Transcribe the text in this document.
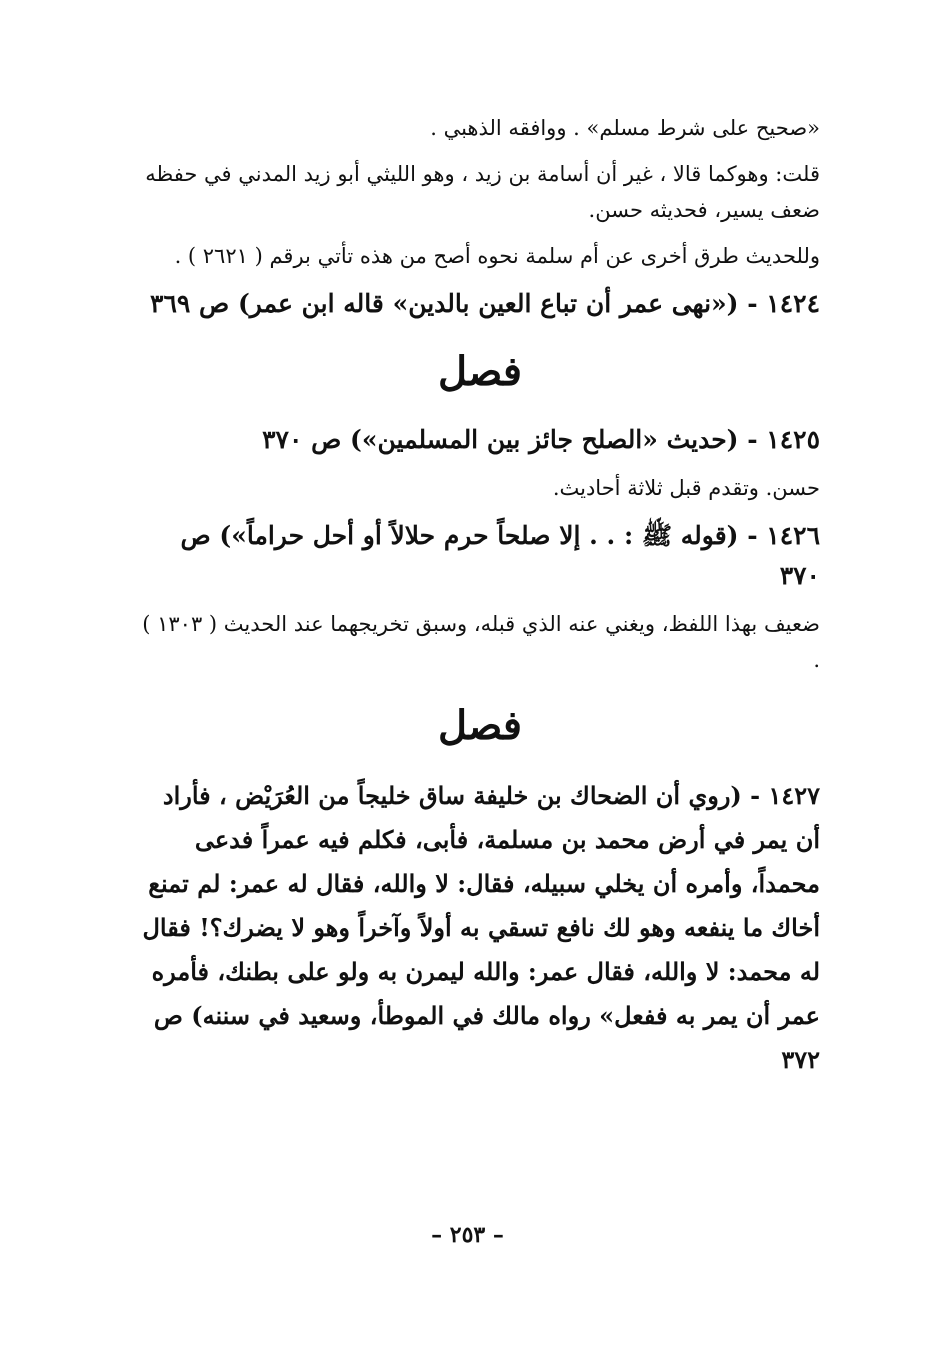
«صحيح على شرط مسلم» . ووافقه الذهبي .

قلت: وهوكما قالا ، غير أن أسامة بن زيد ، وهو الليثي أبو زيد المدني في حفظه ضعف يسير، فحديثه حسن.

وللحديث طرق أخرى عن أم سلمة نحوه أصح من هذه تأتي برقم ( ٢٦٢١ ) .

١٤٢٤ - («نهى عمر أن تباع العين بالدين» قاله ابن عمر) ص ٣٦٩

فصل

١٤٢٥ - (حديث «الصلح جائز بين المسلمين») ص ٣٧٠

حسن. وتقدم قبل ثلاثة أحاديث.

١٤٢٦ - (قوله ﷺ : . . إلا صلحاً حرم حلالاً أو أحل حراماً») ص ٣٧٠

ضعيف بهذا اللفظ، ويغني عنه الذي قبله، وسبق تخريجهما عند الحديث ( ١٣٠٣ ) .

فصل

١٤٢٧ - (روي أن الضحاك بن خليفة ساق خليجاً من العُرَيْض ، فأراد أن يمر في أرض محمد بن مسلمة، فأبى، فكلم فيه عمراً فدعى محمداً، وأمره أن يخلي سبيله، فقال: لا والله، فقال له عمر: لم تمنع أخاك ما ينفعه وهو لك نافع تسقي به أولاً وآخراً وهو لا يضرك؟! فقال له محمد: لا والله، فقال عمر: والله ليمرن به ولو على بطنك، فأمره عمر أن يمر به ففعل» رواه مالك في الموطأ، وسعيد في سننه) ص ٣٧٢

– ٢٥٣ –
